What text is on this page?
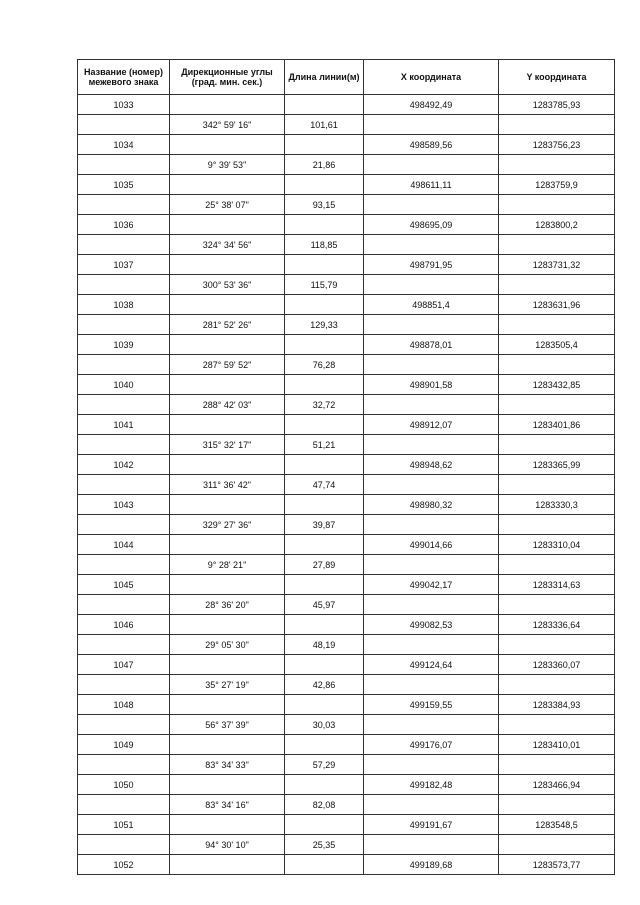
Название (номер) межевого знака	Дирекционные углы (град. мин. сек.)	Длина линии(м)	X координата	Y координата
1033			498492,49	1283785,93
	342° 59' 16"	101,61		
1034			498589,56	1283756,23
	9° 39' 53"	21,86		
1035			498611,11	1283759,9
	25° 38' 07"	93,15		
1036			498695,09	1283800,2
	324° 34' 56"	118,85		
1037			498791,95	1283731,32
	300° 53' 36"	115,79		
1038			498851,4	1283631,96
	281° 52' 26"	129,33		
1039			498878,01	1283505,4
	287° 59' 52"	76,28		
1040			498901,58	1283432,85
	288° 42' 03"	32,72		
1041			498912,07	1283401,86
	315° 32' 17"	51,21		
1042			498948,62	1283365,99
	311° 36' 42"	47,74		
1043			498980,32	1283330,3
	329° 27' 36"	39,87		
1044			499014,66	1283310,04
	9° 28' 21"	27,89		
1045			499042,17	1283314,63
	28° 36' 20"	45,97		
1046			499082,53	1283336,64
	29° 05' 30"	48,19		
1047			499124,64	1283360,07
	35° 27' 19"	42,86		
1048			499159,55	1283384,93
	56° 37' 39"	30,03		
1049			499176,07	1283410,01
	83° 34' 33"	57,29		
1050			499182,48	1283466,94
	83° 34' 16"	82,08		
1051			499191,67	1283548,5
	94° 30' 10"	25,35		
1052			499189,68	1283573,77
